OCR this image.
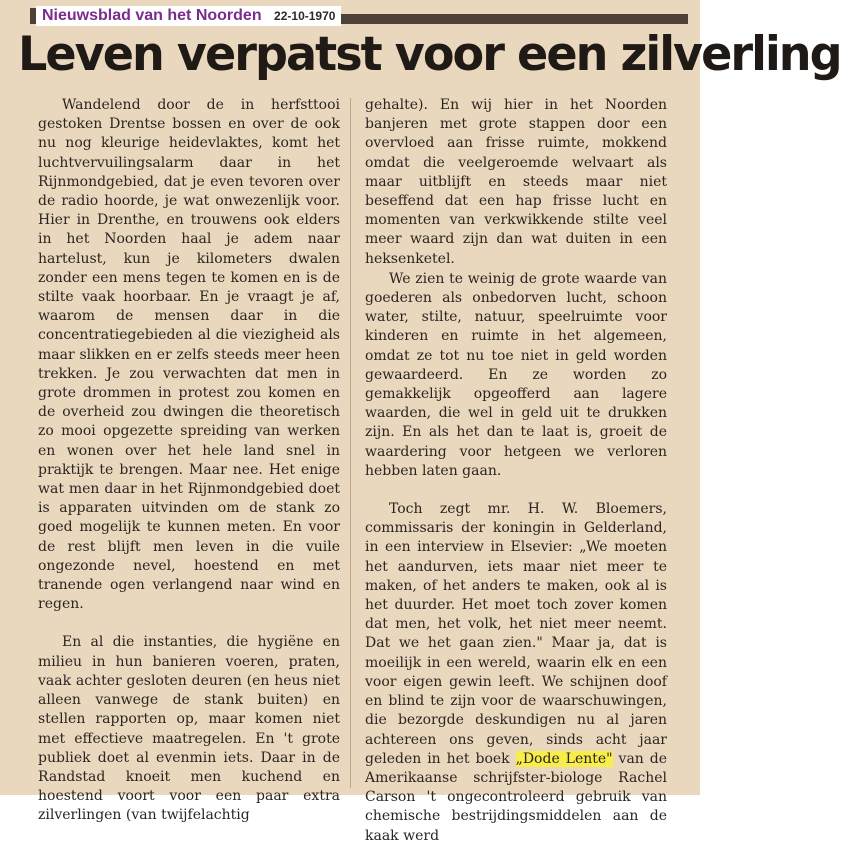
Nieuwsblad van het Noorden 22-10-1970
Leven verpatst voor een zilverling

Wandelend door de in herfsttooi gestoken Drentse bossen en over de ook nu nog kleurige heidevlaktes, komt het luchtvervuilingsalarm daar in het Rijnmondgebied, dat je even tevoren over de radio hoorde, je wat onwezenlijk voor. Hier in Drenthe, en trouwens ook elders in het Noorden haal je adem naar hartelust, kun je kilometers dwalen zonder een mens tegen te komen en is de stilte vaak hoorbaar. En je vraagt je af, waarom de mensen daar in die concentratiegebieden al die viezigheid als maar slikken en er zelfs steeds meer heen trekken. Je zou verwachten dat men in grote drommen in protest zou komen en de overheid zou dwingen die theoretisch zo mooi opgezette spreiding van werken en wonen over het hele land snel in praktijk te brengen. Maar nee. Het enige wat men daar in het Rijnmondgebied doet is apparaten uitvinden om de stank zo goed mogelijk te kunnen meten. En voor de rest blijft men leven in die vuile ongezonde nevel, hoestend en met tranende ogen verlangend naar wind en regen.

En al die instanties, die hygiëne en milieu in hun banieren voeren, praten, vaak achter gesloten deuren (en heus niet alleen vanwege de stank buiten) en stellen rapporten op, maar komen niet met effectieve maatregelen. En 't grote publiek doet al evenmin iets. Daar in de Randstad knoeit men kuchend en hoestend voort voor een paar extra zilverlingen (van twijfelachtig

gehalte). En wij hier in het Noorden banjeren met grote stappen door een overvloed aan frisse ruimte, mokkend omdat die veelgeroemde welvaart als maar uitblijft en steeds maar niet beseffend dat een hap frisse lucht en momenten van verkwikkende stilte veel meer waard zijn dan wat duiten in een heksenketel.

We zien te weinig de grote waarde van goederen als onbedorven lucht, schoon water, stilte, natuur, speelruimte voor kinderen en ruimte in het algemeen, omdat ze tot nu toe niet in geld worden gewaardeerd. En ze worden zo gemakkelijk opgeofferd aan lagere waarden, die wel in geld uit te drukken zijn. En als het dan te laat is, groeit de waardering voor hetgeen we verloren hebben laten gaan.

Toch zegt mr. H. W. Bloemers, commissaris der koningin in Gelderland, in een interview in Elsevier: „We moeten het aandurven, iets maar niet meer te maken, of het anders te maken, ook al is het duurder. Het moet toch zover komen dat men, het volk, het niet meer neemt. Dat we het gaan zien." Maar ja, dat is moeilijk in een wereld, waarin elk en een voor eigen gewin leeft. We schijnen doof en blind te zijn voor de waarschuwingen, die bezorgde deskundigen nu al jaren achtereen ons geven, sinds acht jaar geleden in het boek „Dode Lente" van de Amerikaanse schrijfster-biologe Rachel Carson 't ongecontroleerd gebruik van chemische bestrijdingsmiddelen aan de kaak werd
